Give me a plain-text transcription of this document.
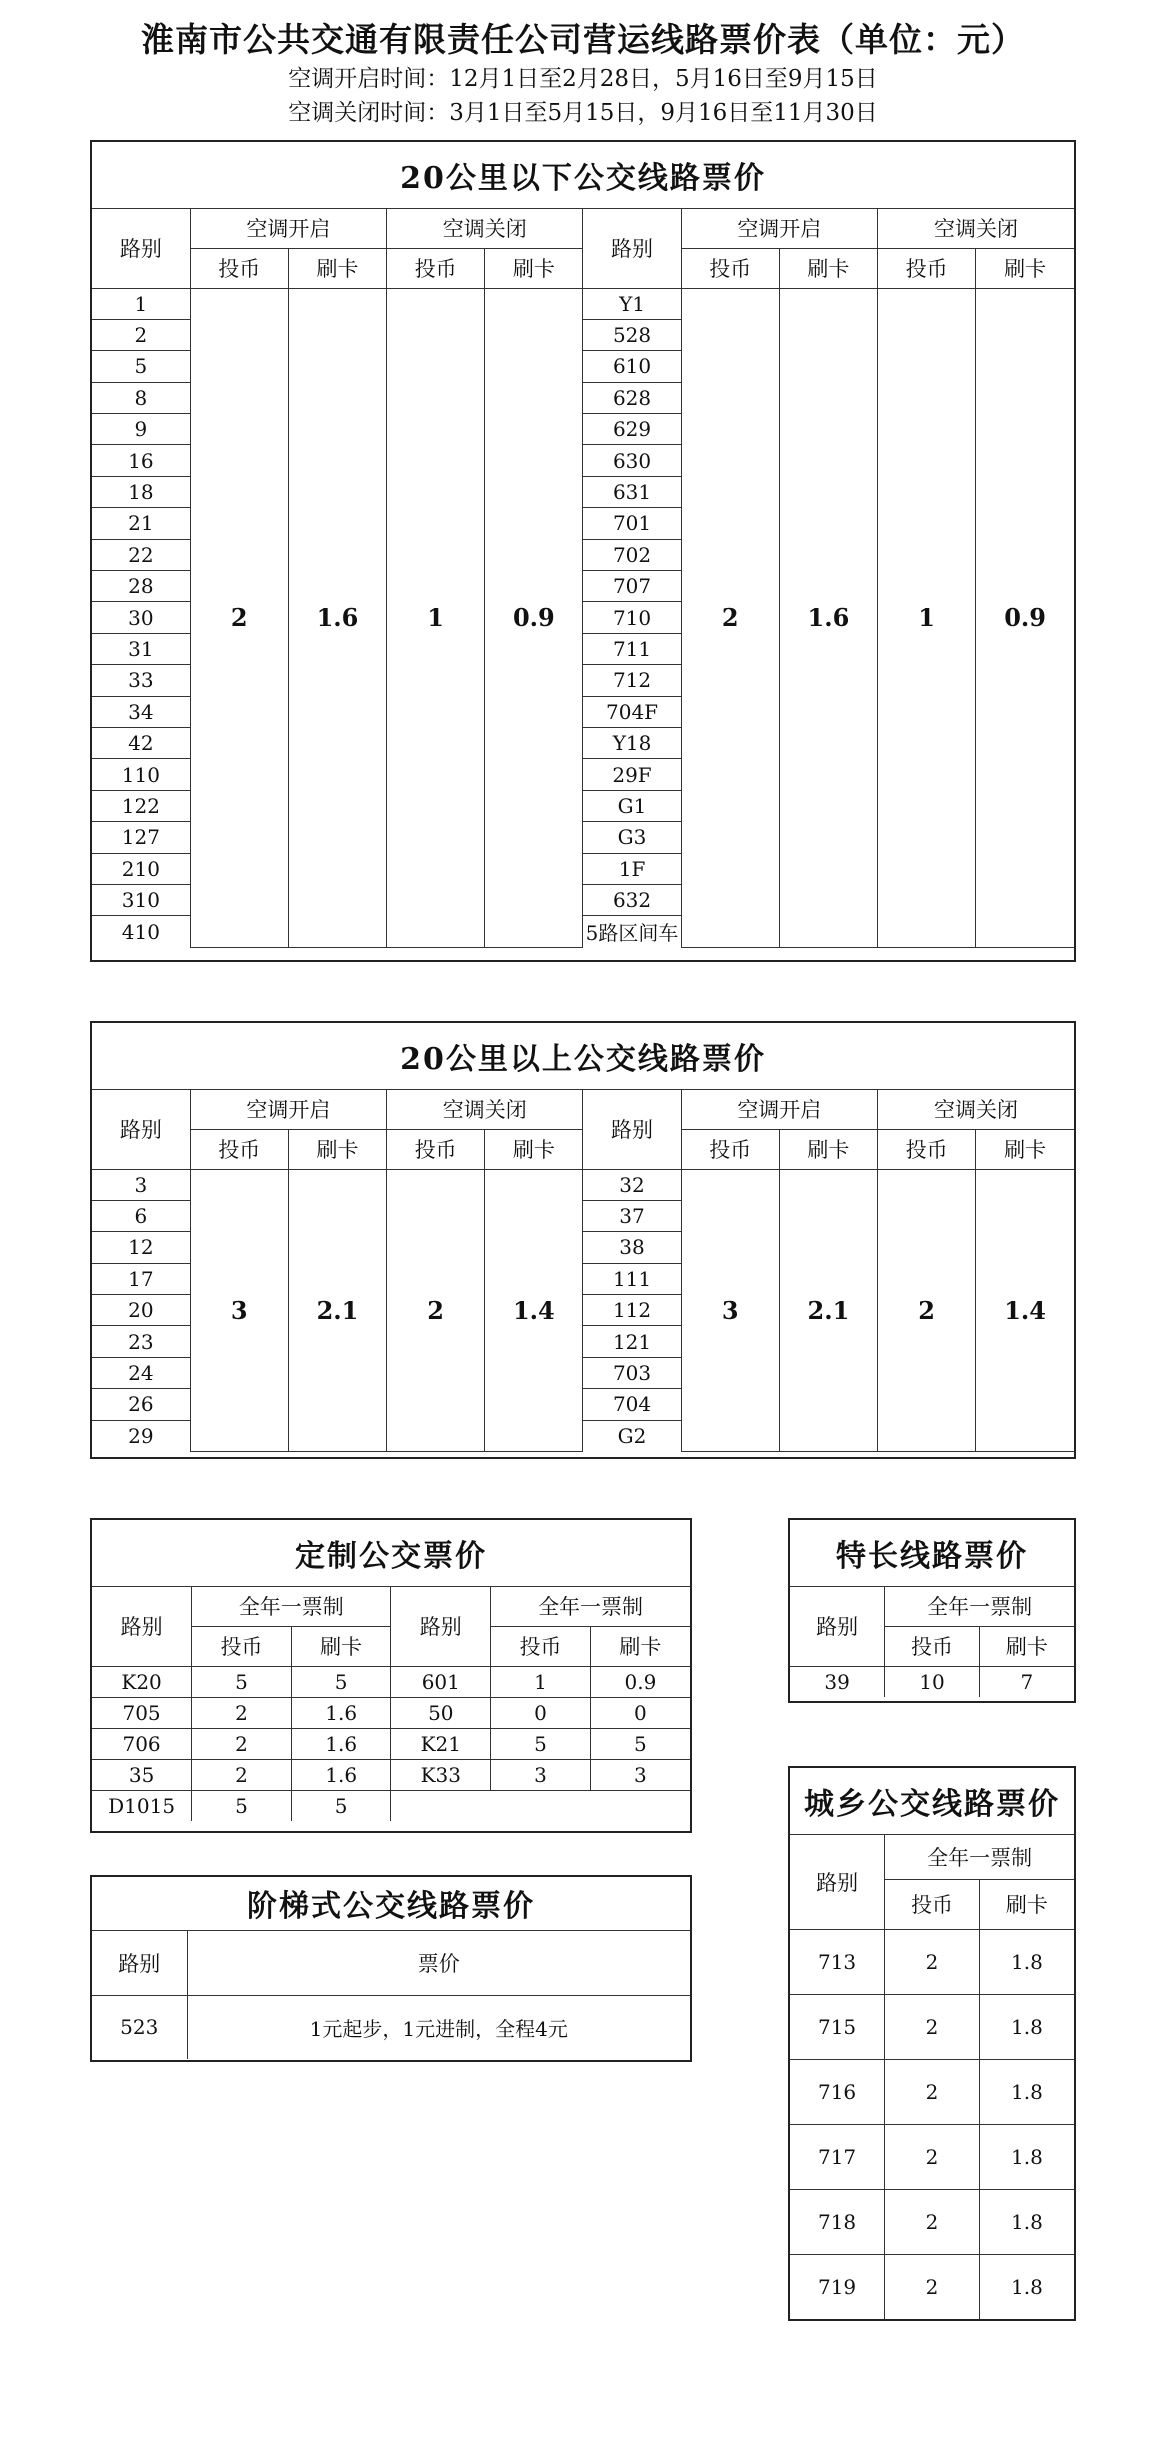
淮南市公共交通有限责任公司营运线路票价表（单位：元）
空调开启时间：12月1日至2月28日，5月16日至9月15日
空调关闭时间：3月1日至5月15日，9月16日至11月30日
20公里以下公交线路票价									
路别	空调开启		空调关闭		路别	空调开启		空调关闭	
	投币	刷卡	投币	刷卡		投币	刷卡	投币	刷卡
1	2	1.6	1	0.9	Y1	2	1.6	1	0.9
2					528				
5					610				
8					628				
9					629				
16					630				
18					631				
21					701				
22					702				
28					707				
30					710				
31					711				
33					712				
34					704F				
42					Y18				
110					29F				
122					G1				
127					G3				
210					1F				
310					632				
410					5路区间车				
20公里以上公交线路票价									
路别	空调开启		空调关闭		路别	空调开启		空调关闭	
	投币	刷卡	投币	刷卡		投币	刷卡	投币	刷卡
3	3	2.1	2	1.4	32	3	2.1	2	1.4
6					37				
12					38				
17					111				
20					112				
23					121				
24					703				
26					704				
29					G2				
定制公交票价					
路别	全年一票制		路别	全年一票制	
	投币	刷卡		投币	刷卡
K20	5	5	601	1	0.9
705	2	1.6	50	0	0
706	2	1.6	K21	5	5
35	2	1.6	K33	3	3
D1015	5	5			
特长线路票价		
路别	全年一票制	
	投币	刷卡
39	10	7
阶梯式公交线路票价	
路别	票价
523	1元起步，1元进制，全程4元
城乡公交线路票价		
路别	全年一票制	
	投币	刷卡
713	2	1.8
715	2	1.8
716	2	1.8
717	2	1.8
718	2	1.8
719	2	1.8
